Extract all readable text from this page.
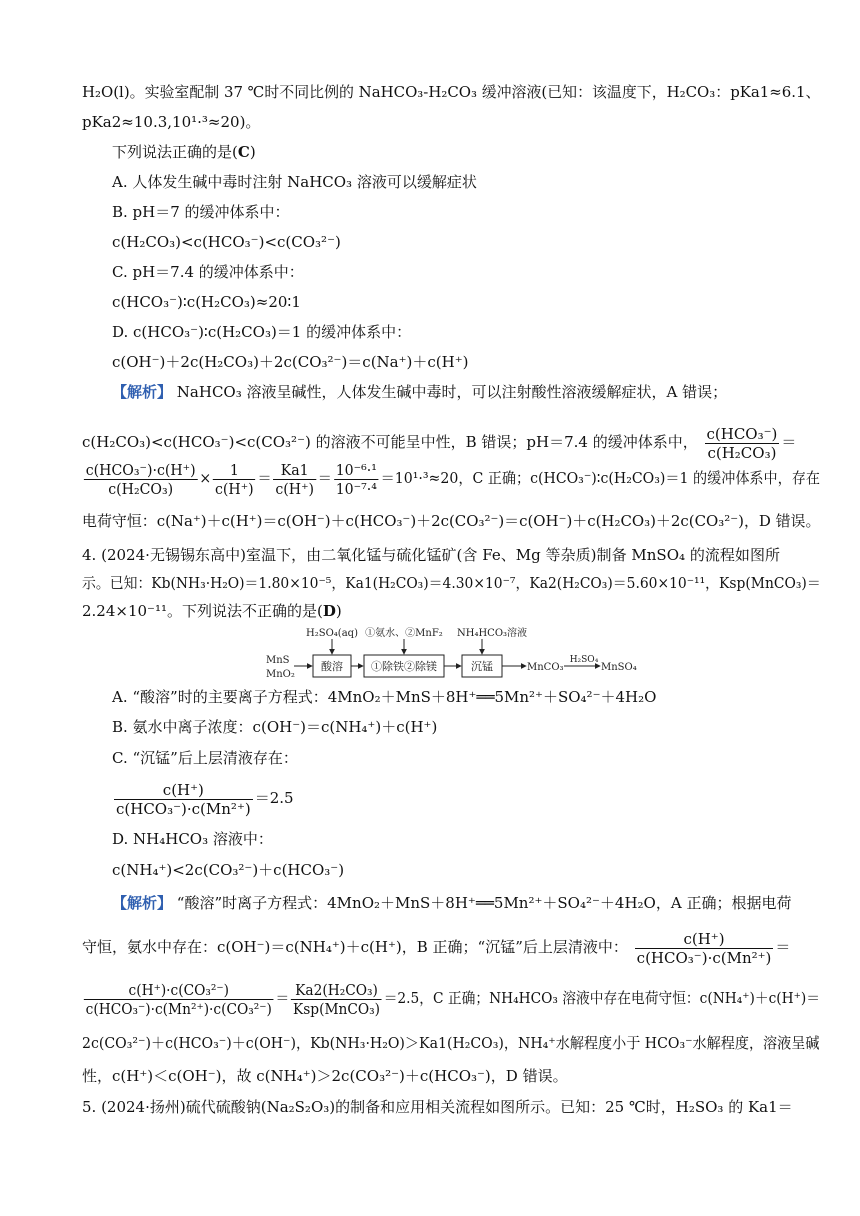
H₂O(l)。实验室配制 37 ℃时不同比例的 NaHCO₃-H₂CO₃ 缓冲溶液(已知：该温度下，H₂CO₃：pKa1≈6.1、
pKa2≈10.3,10¹·³≈20)。
下列说法正确的是(C)
A. 人体发生碱中毒时注射 NaHCO₃ 溶液可以缓解症状
B. pH＝7 的缓冲体系中：
c(H₂CO₃)<c(HCO₃⁻)<c(CO₃²⁻)
C. pH＝7.4 的缓冲体系中：
c(HCO₃⁻)∶c(H₂CO₃)≈20∶1
D. c(HCO₃⁻)∶c(H₂CO₃)＝1 的缓冲体系中：
c(OH⁻)＋2c(H₂CO₃)＋2c(CO₃²⁻)＝c(Na⁺)＋c(H⁺)
【解析】 NaHCO₃ 溶液呈碱性，人体发生碱中毒时，可以注射酸性溶液缓解症状，A 错误；
c(H₂CO₃)<c(HCO₃⁻)<c(CO₃²⁻) 的溶液不可能呈中性，B 错误；pH＝7.4 的缓冲体系中， $\frac{\text{c(HCO₃⁻)}}{\text{c(H₂CO₃)}}$ ＝
$\frac{\text{c(HCO₃⁻)·c(H⁺)}}{\text{c(H₂CO₃)}} \times \frac{1}{c(H^+)} = \frac{Ka1}{c(H^+)} = \frac{\text{10⁻⁶·¹}}{\text{10⁻⁷·⁴}} =10^1\cdot^3\approx 20$，C 正确；c(HCO₃⁻)∶c(H₂CO₃)＝1 的缓冲体系中，存在
电荷守恒：c(Na⁺)＋c(H⁺)＝c(OH⁻)＋c(HCO₃⁻)＋2c(CO₃²⁻)＝c(OH⁻)＋c(H₂CO₃)＋2c(CO₃²⁻)，D 错误。
4. (2024·无锡锡东高中)室温下，由二氧化锰与硫化锰矿(含 Fe、Mg 等杂质)制备 MnSO₄ 的流程如图所
示。已知：Kb(NH₃·H₂O)＝1.80×10⁻⁵，Ka1(H₂CO₃)＝4.30×10⁻⁷，Ka2(H₂CO₃)＝5.60×10⁻¹¹，Ksp(MnCO₃)＝
2.24×10⁻¹¹。下列说法不正确的是(D)
MnS
MnO₂
酸溶
H₂SO₄(aq)
①除铁②除镁
①氨水、②MnF₂
沉锰
NH₄HCO₃溶液
MnCO₃
H₂SO₄
MnSO₄
A. “酸溶”时的主要离子方程式：4MnO₂＋MnS＋8H⁺══5Mn²⁺＋SO₄²⁻＋4H₂O
B. 氨水中离子浓度：c(OH⁻)＝c(NH₄⁺)＋c(H⁺)
C. “沉锰”后上层清液存在：
$\frac{c(H^+)}{\text{c(HCO₃⁻)·c(Mn²⁺)}} =2.5$
D. NH₄HCO₃ 溶液中：
c(NH₄⁺)<2c(CO₃²⁻)＋c(HCO₃⁻)
【解析】 “酸溶”时离子方程式：4MnO₂＋MnS＋8H⁺══5Mn²⁺＋SO₄²⁻＋4H₂O，A 正确；根据电荷
守恒，氨水中存在：c(OH⁻)＝c(NH₄⁺)＋c(H⁺)，B 正确；“沉锰”后上层清液中： $\frac{c(H^+)}{\text{c(HCO₃⁻)·c(Mn²⁺)}}$ ＝
$\frac{\text{c(H⁺)·c(CO₃²⁻)}}{\text{c(HCO₃⁻)·c(Mn²⁺)·c(CO₃²⁻)}} = \frac{\text{Ka2(H₂CO₃)}}{\text{Ksp(MnCO₃)}} =2.5$，C 正确；NH₄HCO₃ 溶液中存在电荷守恒：c(NH₄⁺)＋c(H⁺)＝
2c(CO₃²⁻)＋c(HCO₃⁻)＋c(OH⁻)，Kb(NH₃·H₂O)＞Ka1(H₂CO₃)，NH₄⁺水解程度小于 HCO₃⁻水解程度，溶液呈碱
性，c(H⁺)＜c(OH⁻)，故 c(NH₄⁺)＞2c(CO₃²⁻)＋c(HCO₃⁻)，D 错误。
5. (2024·扬州)硫代硫酸钠(Na₂S₂O₃)的制备和应用相关流程如图所示。已知：25 ℃时，H₂SO₃ 的 Ka1＝
